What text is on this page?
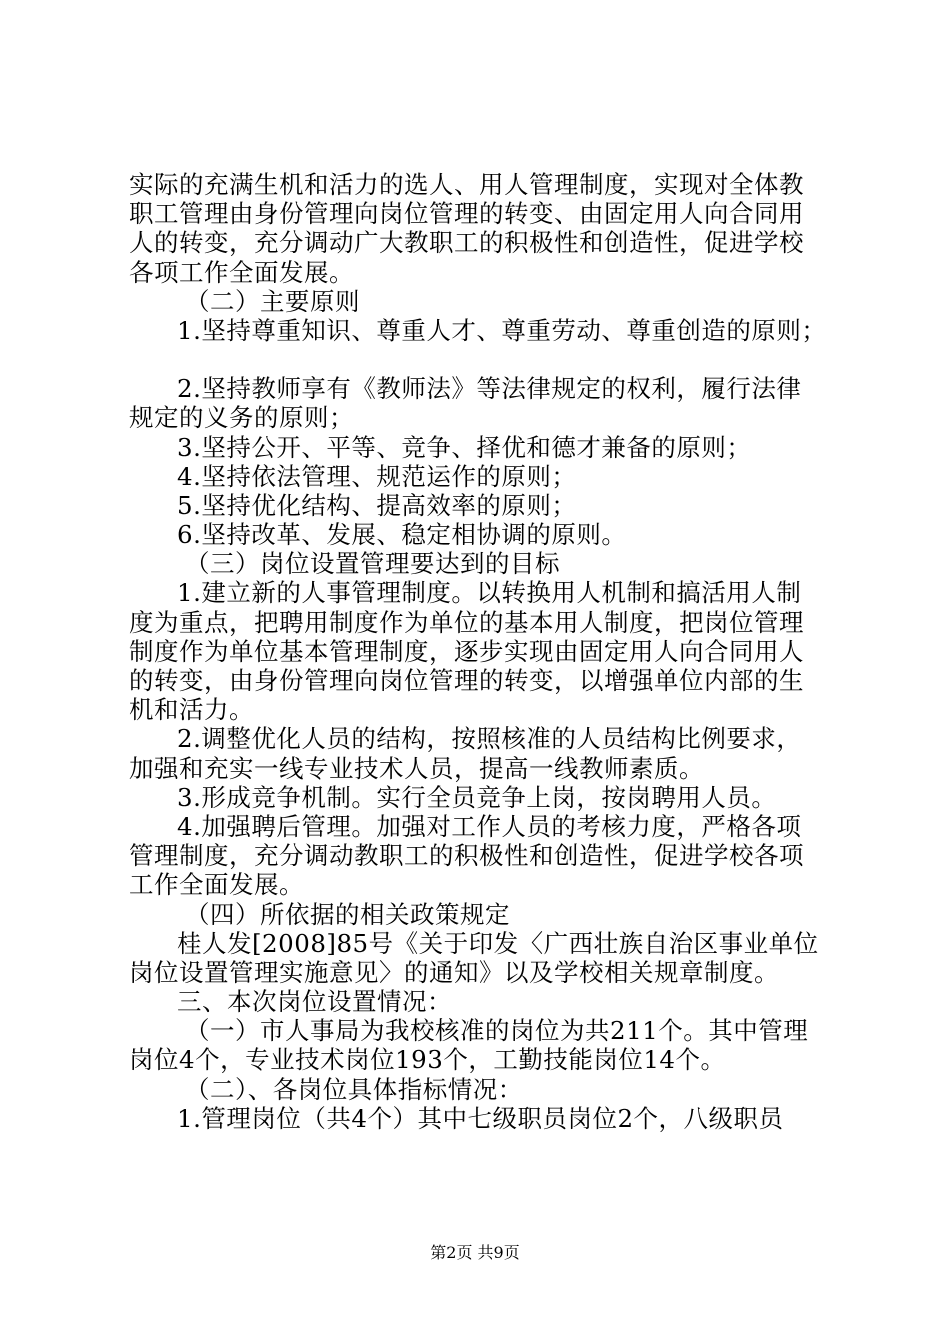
实际的充满生机和活力的选人、用人管理制度，实现对全体教
职工管理由身份管理向岗位管理的转变、由固定用人向合同用
人的转变，充分调动广大教职工的积极性和创造性，促进学校
各项工作全面发展。
（二）主要原则
1.坚持尊重知识、尊重人才、尊重劳动、尊重创造的原则；
2.坚持教师享有《教师法》等法律规定的权利，履行法律
规定的义务的原则；
3.坚持公开、平等、竞争、择优和德才兼备的原则；
4.坚持依法管理、规范运作的原则；
5.坚持优化结构、提高效率的原则；
6.坚持改革、发展、稳定相协调的原则。
（三）岗位设置管理要达到的目标
1.建立新的人事管理制度。以转换用人机制和搞活用人制
度为重点，把聘用制度作为单位的基本用人制度，把岗位管理
制度作为单位基本管理制度，逐步实现由固定用人向合同用人
的转变，由身份管理向岗位管理的转变，以增强单位内部的生
机和活力。
2.调整优化人员的结构，按照核准的人员结构比例要求，
加强和充实一线专业技术人员，提高一线教师素质。
3.形成竞争机制。实行全员竞争上岗，按岗聘用人员。
4.加强聘后管理。加强对工作人员的考核力度，严格各项
管理制度，充分调动教职工的积极性和创造性，促进学校各项
工作全面发展。
（四）所依据的相关政策规定
桂人发[2008]85号《关于印发〈广西壮族自治区事业单位
岗位设置管理实施意见〉的通知》以及学校相关规章制度。
三、本次岗位设置情况：
（一）市人事局为我校核准的岗位为共211个。其中管理
岗位4个，专业技术岗位193个，工勤技能岗位14个。
（二）、各岗位具体指标情况：
1.管理岗位（共4个）其中七级职员岗位2个，八级职员
第2页 共9页
